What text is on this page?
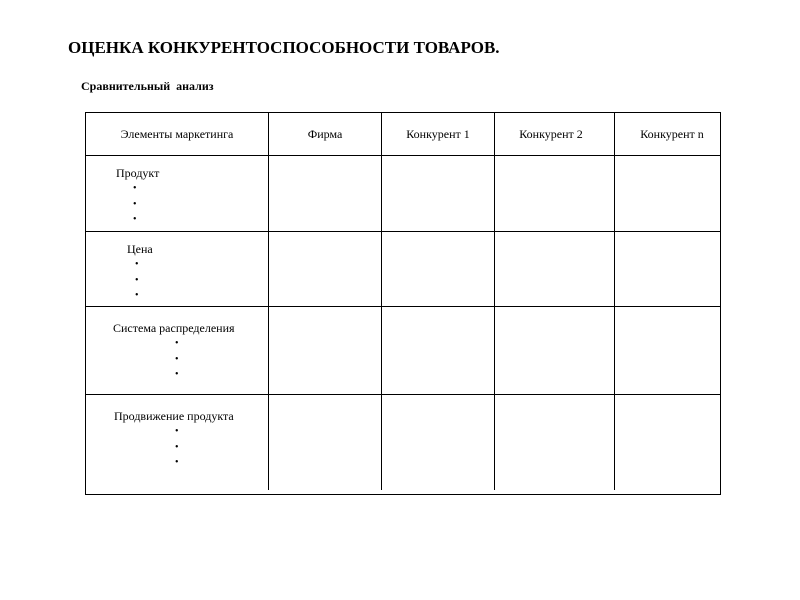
ОЦЕНКА КОНКУРЕНТОСПОСОБНОСТИ ТОВАРОВ.
Сравнительный анализ
Элементы маркетинга	Фирма	Конкурент 1	Конкурент 2	Конкурент n
Продукт
•
•
•
Цена
•
•
•
Система распределения
•
•
•
Продвижение продукта
•
•
•
